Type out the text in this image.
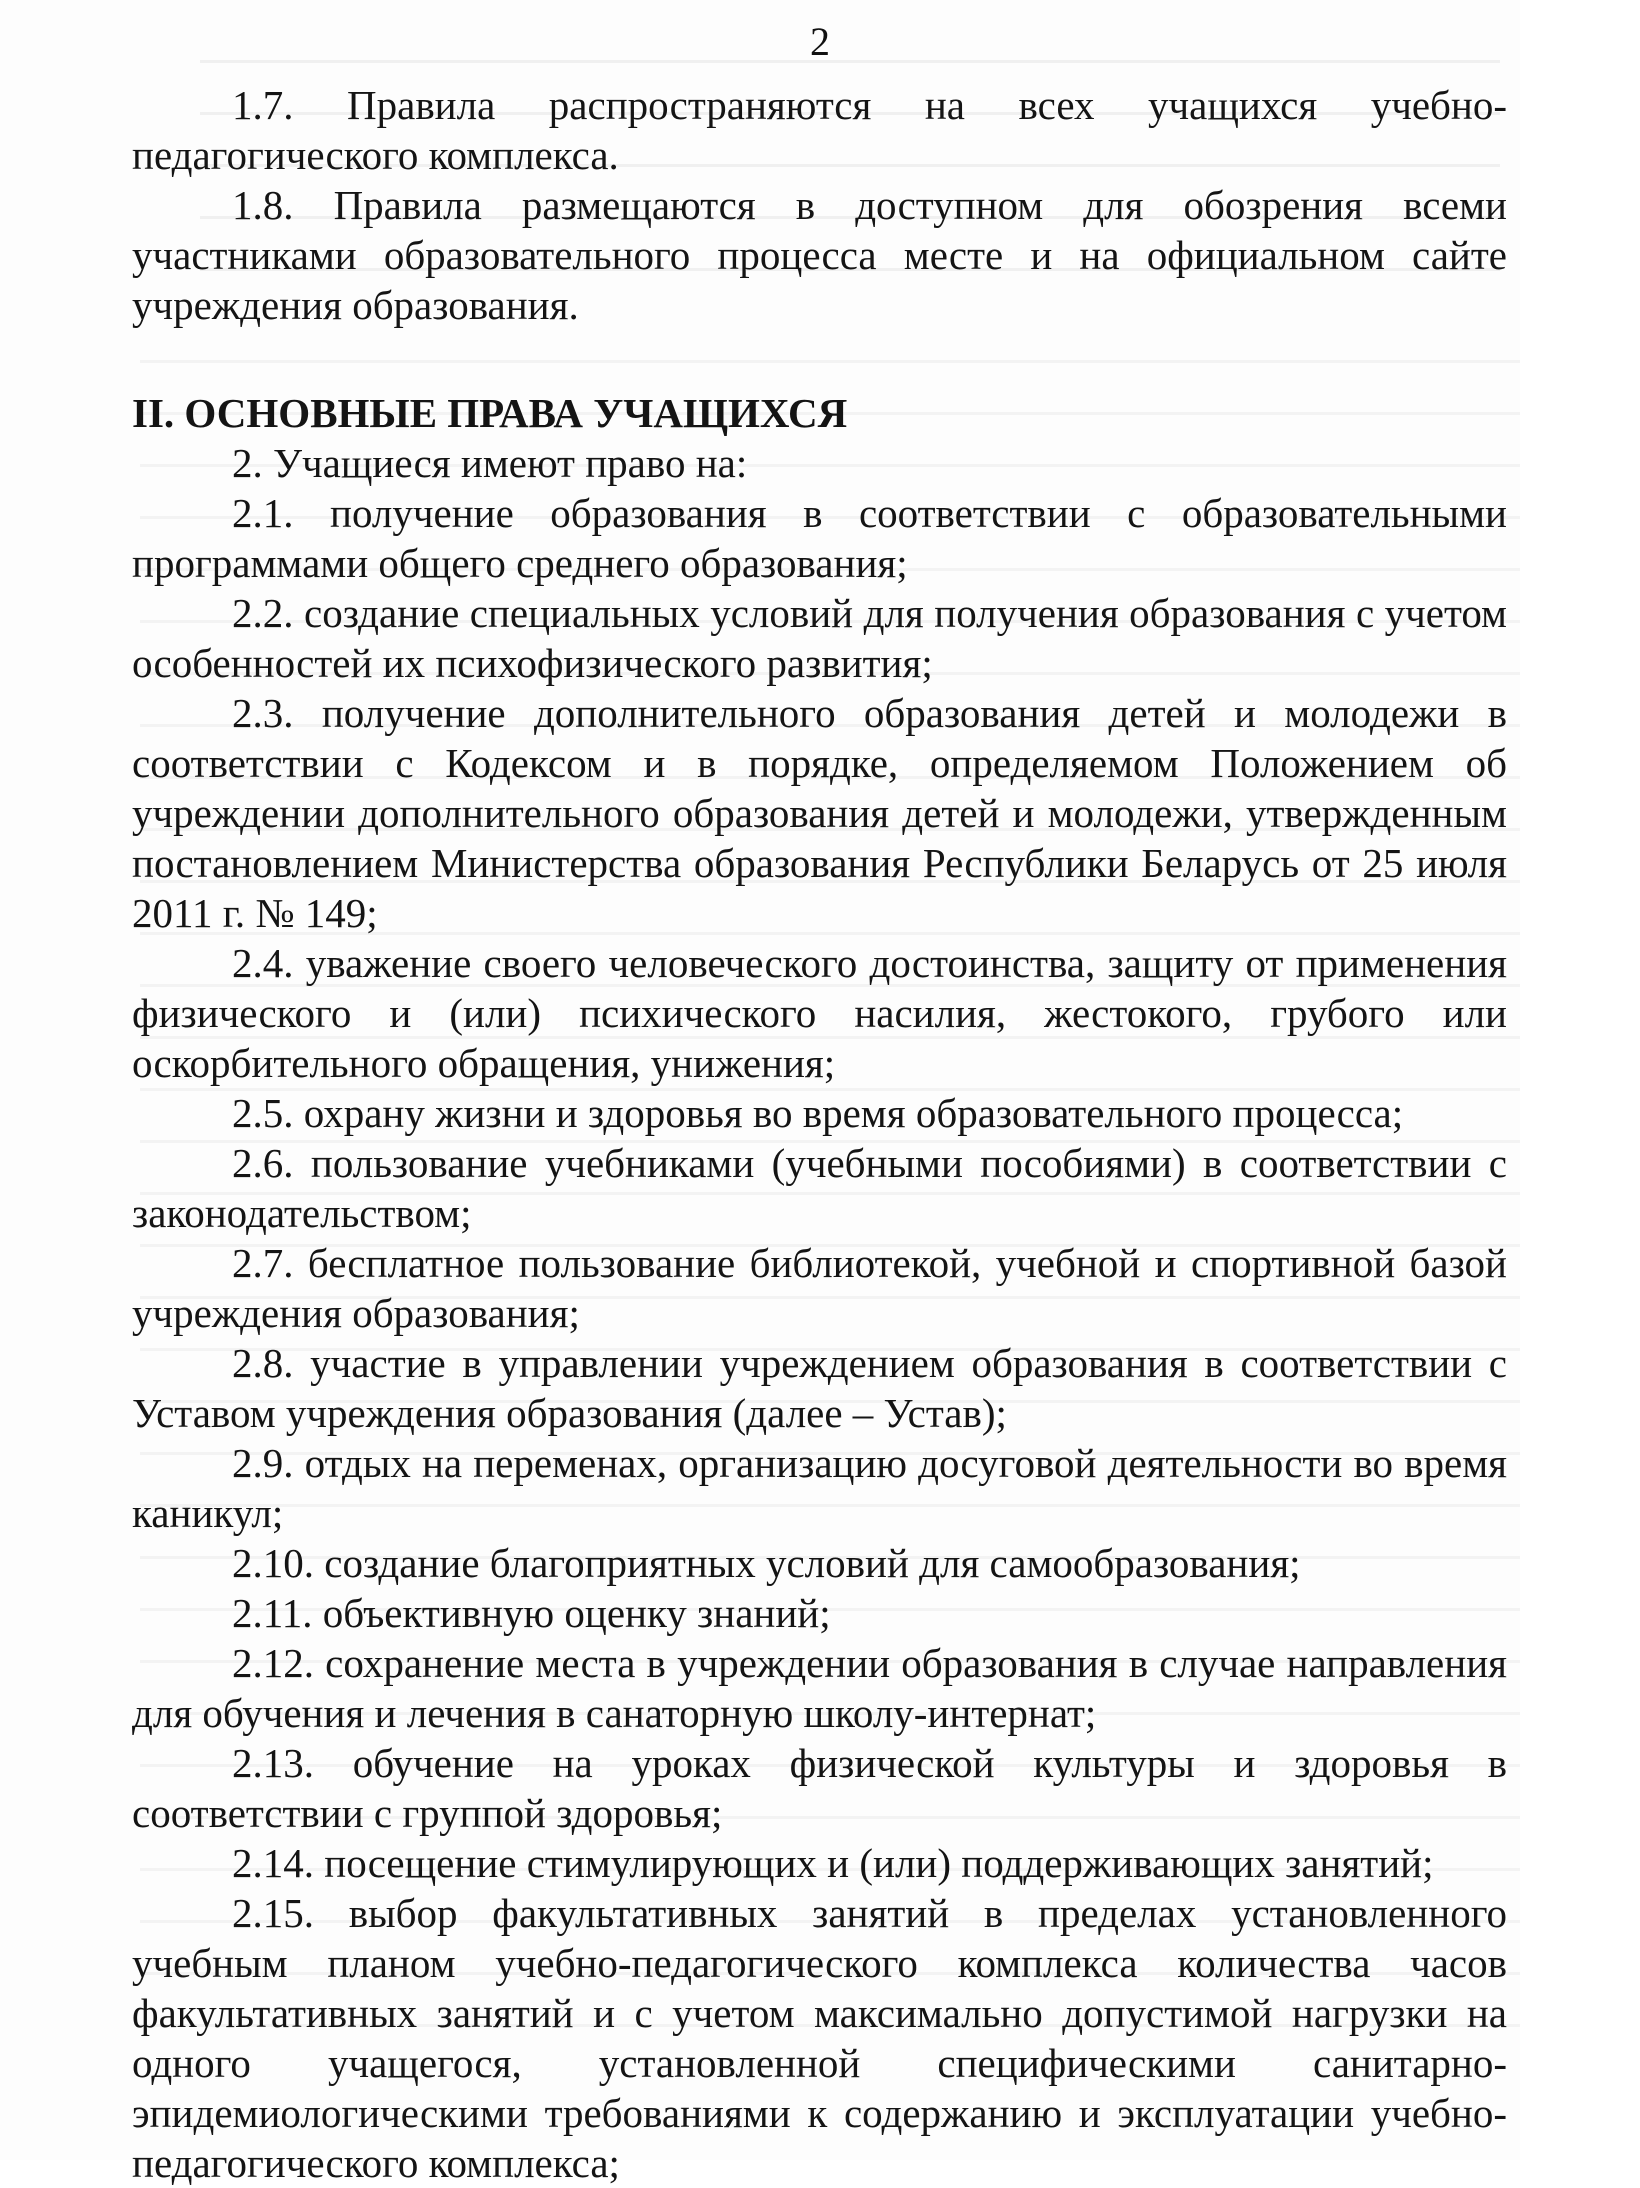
2

1.7. Правила распространяются на всех учащихся учебно-педагогического комплекса.

1.8. Правила размещаются в доступном для обозрения всеми участниками образовательного процесса месте и на официальном сайте учреждения образования.

II. ОСНОВНЫЕ ПРАВА УЧАЩИХСЯ

2. Учащиеся имеют право на:

2.1. получение образования в соответствии с образовательными программами общего среднего образования;

2.2. создание специальных условий для получения образования с учетом особенностей их психофизического развития;

2.3. получение дополнительного образования детей и молодежи в соответствии с Кодексом и в порядке, определяемом Положением об учреждении дополнительного образования детей и молодежи, утвержденным постановлением Министерства образования Республики Беларусь от 25 июля 2011 г. № 149;

2.4. уважение своего человеческого достоинства, защиту от применения физического и (или) психического насилия, жестокого, грубого или оскорбительного обращения, унижения;

2.5. охрану жизни и здоровья во время образовательного процесса;

2.6. пользование учебниками (учебными пособиями) в соответствии с законодательством;

2.7. бесплатное пользование библиотекой, учебной и спортивной базой учреждения образования;

2.8. участие в управлении учреждением образования в соответствии с Уставом учреждения образования (далее – Устав);

2.9. отдых на переменах, организацию досуговой деятельности во время каникул;

2.10. создание благоприятных условий для самообразования;

2.11. объективную оценку знаний;

2.12. сохранение места в учреждении образования в случае направления для обучения и лечения в санаторную школу-интернат;

2.13. обучение на уроках физической культуры и здоровья в соответствии с группой здоровья;

2.14. посещение стимулирующих и (или) поддерживающих занятий;

2.15. выбор факультативных занятий в пределах установленного учебным планом учебно-педагогического комплекса количества часов факультативных занятий и с учетом максимально допустимой нагрузки на одного учащегося, установленной специфическими санитарно-эпидемиологическими требованиями к содержанию и эксплуатации учебно-педагогического комплекса;
